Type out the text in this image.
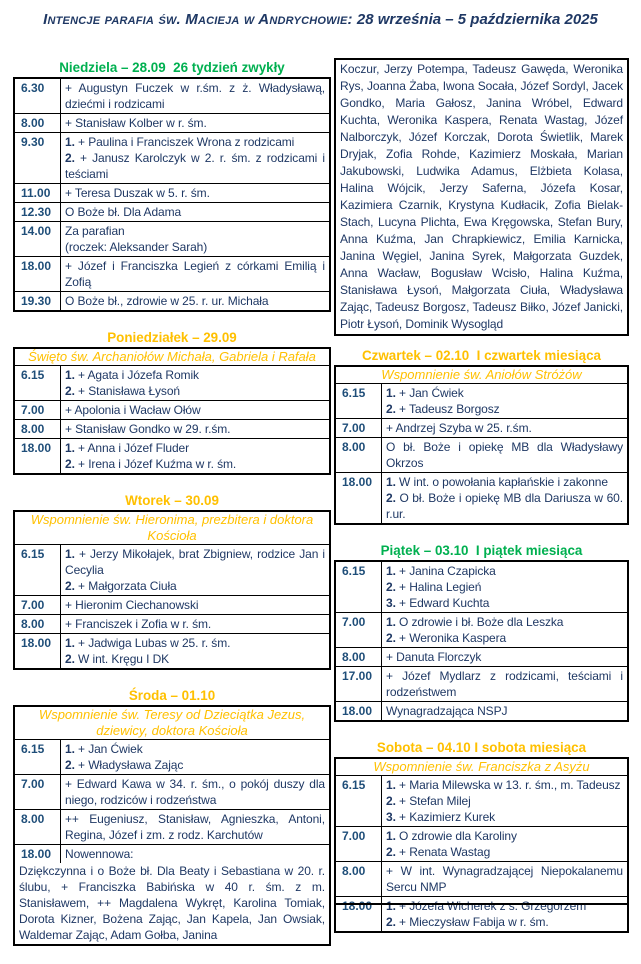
Intencje parafia św. Macieja w Andrychowie: 28 września – 5 października 2025
Niedziela – 28.09  26 tydzień zwykły
6.30	+ Augustyn Fuczek w r.śm. z ż. Władysławą, dziećmi i rodzicami
8.00	+ Stanisław Kolber w r. śm.
9.30	1. + Paulina i Franciszek Wrona z rodzicami
2. + Janusz Karolczyk w 2. r. śm. z rodzicami i teściami
11.00	+ Teresa Duszak w 5. r. śm.
12.30	O Boże bł. Dla Adama
14.00	Za parafian
(roczek: Aleksander Sarah)
18.00	+ Józef i Franciszka Legień z córkami Emilią i Zofią
19.30	O Boże bł., zdrowie w 25. r. ur. Michała
Poniedziałek – 29.09
Święto św. Archaniołów Michała, Gabriela i Rafała
6.15	1. + Agata i Józefa Romik
2. + Stanisława Łysoń
7.00	+ Apolonia i Wacław Ołów
8.00	+ Stanisław Gondko w 29. r.śm.
18.00	1. + Anna i Józef Fluder
2. + Irena i Józef Kuźma w r. śm.
Wtorek – 30.09
Wspomnienie św. Hieronima, prezbitera i doktora Kościoła
6.15	1. + Jerzy Mikołajek, brat Zbigniew, rodzice Jan i Cecylia
2. + Małgorzata Ciuła
7.00	+ Hieronim Ciechanowski
8.00	+ Franciszek i Zofia w r. śm.
18.00	1. + Jadwiga Lubas w 25. r. śm.
2. W int. Kręgu I DK
Środa – 01.10
Wspomnienie św. Teresy od Dzieciątka Jezus, dziewicy, doktora Kościoła
6.15	1. + Jan Ćwiek
2. + Władysława Zając
7.00	+ Edward Kawa w 34. r. śm., o pokój duszy dla niego, rodziców i rodzeństwa
8.00	++ Eugeniusz, Stanisław, Agnieszka, Antoni, Regina, Józef i zm. z rodz. Karchutów
18.00	Nowennowa:
Dziękczynna i o Boże bł. Dla Beaty i Sebastiana w 20. r. ślubu, + Franciszka Babińska w 40 r. śm. z m. Stanisławem, ++ Magdalena Wykręt, Karolina Tomiak, Dorota Kizner, Bożena Zając, Jan Kapela, Jan Owsiak, Waldemar Zając, Adam Gołba, Janina
Koczur, Jerzy Potempa, Tadeusz Gawęda, Weronika Rys, Joanna Żaba, Iwona Socała, Józef Sordyl, Jacek Gondko, Maria Gałosz, Janina Wróbel, Edward Kuchta, Weronika Kaspera, Renata Wastag, Józef Nalborczyk, Józef Korczak, Dorota Świetlik, Marek Dryjak, Zofia Rohde, Kazimierz Moskała, Marian Jakubowski, Ludwika Adamus, Elżbieta Kolasa, Halina Wójcik, Jerzy Saferna, Józefa Kosar, Kazimiera Czarnik, Krystyna Kudłacik, Zofia Bielak-Stach, Lucyna Plichta, Ewa Kręgowska, Stefan Bury, Anna Kuźma, Jan Chrapkiewicz, Emilia Karnicka, Janina Węgiel, Janina Syrek, Małgorzata Guzdek, Anna Wacław, Bogusław Wcisło, Halina Kuźma, Stanisława Łysoń, Małgorzata Ciuła, Władysława Zając, Tadeusz Borgosz, Tadeusz Biłko, Józef Janicki, Piotr Łysoń, Dominik Wysogląd
Czwartek – 02.10  I czwartek miesiąca
Wspomnienie św. Aniołów Stróżów
6.15	1. + Jan Ćwiek
2. + Tadeusz Borgosz
7.00	+ Andrzej Szyba w 25. r.śm.
8.00	O bł. Boże i opiekę MB dla Władysławy Okrzos
18.00	1. W int. o powołania kapłańskie i zakonne
2. O bł. Boże i opiekę MB dla Dariusza w 60. r.ur.
Piątek – 03.10  I piątek miesiąca
6.15	1. + Janina Czapicka
2. + Halina Legień
3. + Edward Kuchta
7.00	1. O zdrowie i bł. Boże dla Leszka
2. + Weronika Kaspera
8.00	+ Danuta Florczyk
17.00	+ Józef Mydlarz z rodzicami, teściami i rodzeństwem
18.00	Wynagradzająca NSPJ
Sobota – 04.10 I sobota miesiąca
Wspomnienie św. Franciszka z Asyżu
6.15	1. + Maria Milewska w 13. r. śm., m. Tadeusz
2. + Stefan Milej
3. + Kazimierz Kurek
7.00	1. O zdrowie dla Karoliny
2. + Renata Wastag
8.00	+ W int. Wynagradzającej Niepokalanemu Sercu NMP
18.00	1. + Józefa Wicherek z s. Grzegorzem
2. + Mieczysław Fabija w r. śm.
